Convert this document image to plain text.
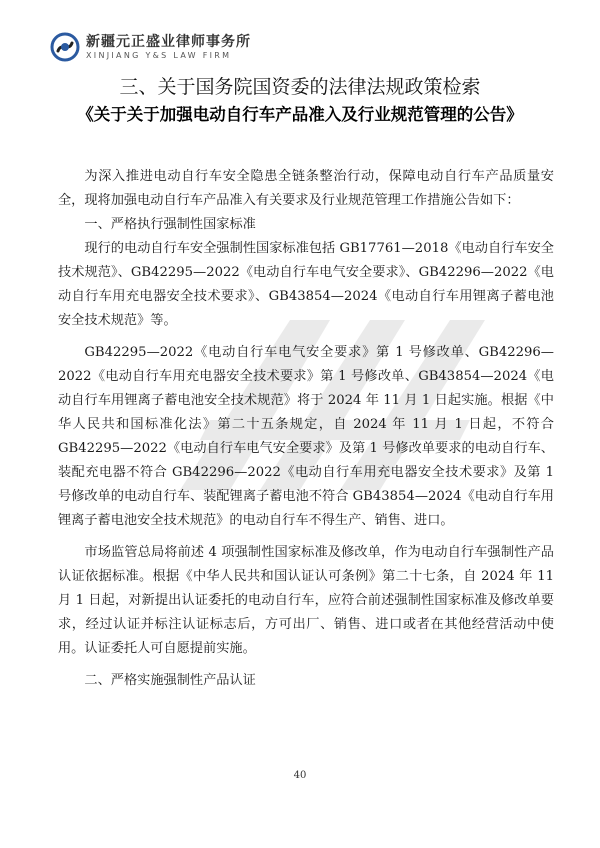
新疆元正盛业律师事务所
XINJIANG Y&S LAW FIRM
三、关于国务院国资委的法律法规政策检索
《关于关于加强电动自行车产品准入及行业规范管理的公告》

为深入推进电动自行车安全隐患全链条整治行动，保障电动自行车产品质量安全，现将加强电动自行车产品准入有关要求及行业规范管理工作措施公告如下：

一、严格执行强制性国家标准

现行的电动自行车安全强制性国家标准包括 GB17761—2018《电动自行车安全技术规范》、GB42295—2022《电动自行车电气安全要求》、GB42296—2022《电动自行车用充电器安全技术要求》、GB43854—2024《电动自行车用锂离子蓄电池安全技术规范》等。

GB42295—2022《电动自行车电气安全要求》第 1 号修改单、GB42296—2022《电动自行车用充电器安全技术要求》第 1 号修改单、GB43854—2024《电动自行车用锂离子蓄电池安全技术规范》将于 2024 年 11 月 1 日起实施。根据《中华人民共和国标准化法》第二十五条规定，自 2024 年 11 月 1 日起，不符合 GB42295—2022《电动自行车电气安全要求》及第 1 号修改单要求的电动自行车、装配充电器不符合 GB42296—2022《电动自行车用充电器安全技术要求》及第 1 号修改单的电动自行车、装配锂离子蓄电池不符合 GB43854—2024《电动自行车用锂离子蓄电池安全技术规范》的电动自行车不得生产、销售、进口。

市场监管总局将前述 4 项强制性国家标准及修改单，作为电动自行车强制性产品认证依据标准。根据《中华人民共和国认证认可条例》第二十七条，自 2024 年 11 月 1 日起，对新提出认证委托的电动自行车，应符合前述强制性国家标准及修改单要求，经过认证并标注认证标志后，方可出厂、销售、进口或者在其他经营活动中使用。认证委托人可自愿提前实施。

二、严格实施强制性产品认证

40
